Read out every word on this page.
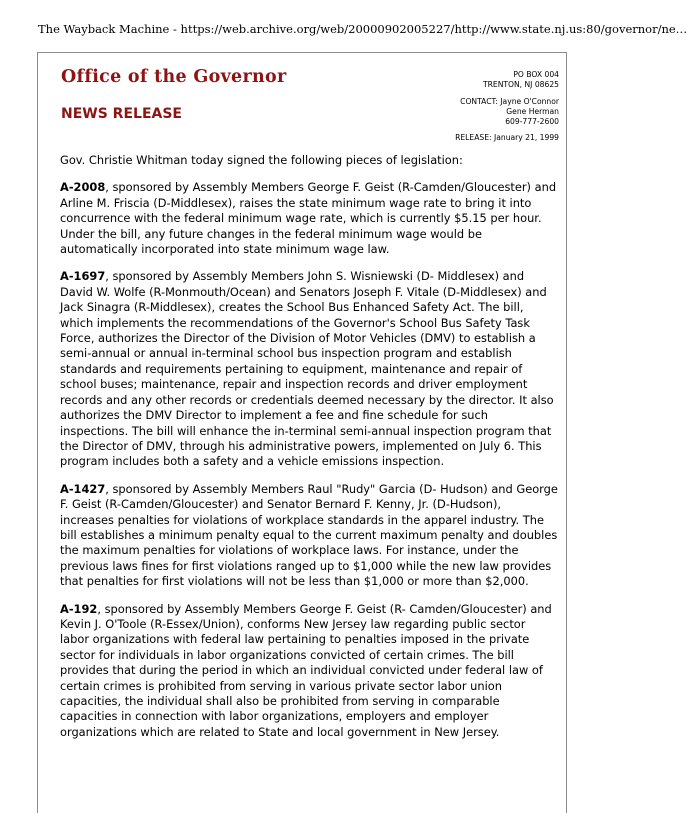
The Wayback Machine - https://web.archive.org/web/20000902005227/http://www.state.nj.us:80/governor/ne…
Office of the Governor
NEWS RELEASE
PO BOX 004
TRENTON, NJ 08625
CONTACT: Jayne O'Connor
Gene Herman
609-777-2600
RELEASE: January 21, 1999

Gov. Christie Whitman today signed the following pieces of legislation:

A-2008, sponsored by Assembly Members George F. Geist (R-Camden/Gloucester) and Arline M. Friscia (D-Middlesex), raises the state minimum wage rate to bring it into concurrence with the federal minimum wage rate, which is currently $5.15 per hour. Under the bill, any future changes in the federal minimum wage would be automatically incorporated into state minimum wage law.

A-1697, sponsored by Assembly Members John S. Wisniewski (D- Middlesex) and David W. Wolfe (R-Monmouth/Ocean) and Senators Joseph F. Vitale (D-Middlesex) and Jack Sinagra (R-Middlesex), creates the School Bus Enhanced Safety Act. The bill, which implements the recommendations of the Governor's School Bus Safety Task Force, authorizes the Director of the Division of Motor Vehicles (DMV) to establish a semi-annual or annual in-terminal school bus inspection program and establish standards and requirements pertaining to equipment, maintenance and repair of school buses; maintenance, repair and inspection records and driver employment records and any other records or credentials deemed necessary by the director. It also authorizes the DMV Director to implement a fee and fine schedule for such inspections. The bill will enhance the in-terminal semi-annual inspection program that the Director of DMV, through his administrative powers, implemented on July 6. This program includes both a safety and a vehicle emissions inspection.

A-1427, sponsored by Assembly Members Raul "Rudy" Garcia (D- Hudson) and George F. Geist (R-Camden/Gloucester) and Senator Bernard F. Kenny, Jr. (D-Hudson), increases penalties for violations of workplace standards in the apparel industry. The bill establishes a minimum penalty equal to the current maximum penalty and doubles the maximum penalties for violations of workplace laws. For instance, under the previous laws fines for first violations ranged up to $1,000 while the new law provides that penalties for first violations will not be less than $1,000 or more than $2,000.

A-192, sponsored by Assembly Members George F. Geist (R- Camden/Gloucester) and Kevin J. O'Toole (R-Essex/Union), conforms New Jersey law regarding public sector labor organizations with federal law pertaining to penalties imposed in the private sector for individuals in labor organizations convicted of certain crimes. The bill provides that during the period in which an individual convicted under federal law of certain crimes is prohibited from serving in various private sector labor union capacities, the individual shall also be prohibited from serving in comparable capacities in connection with labor organizations, employers and employer organizations which are related to State and local government in New Jersey.
